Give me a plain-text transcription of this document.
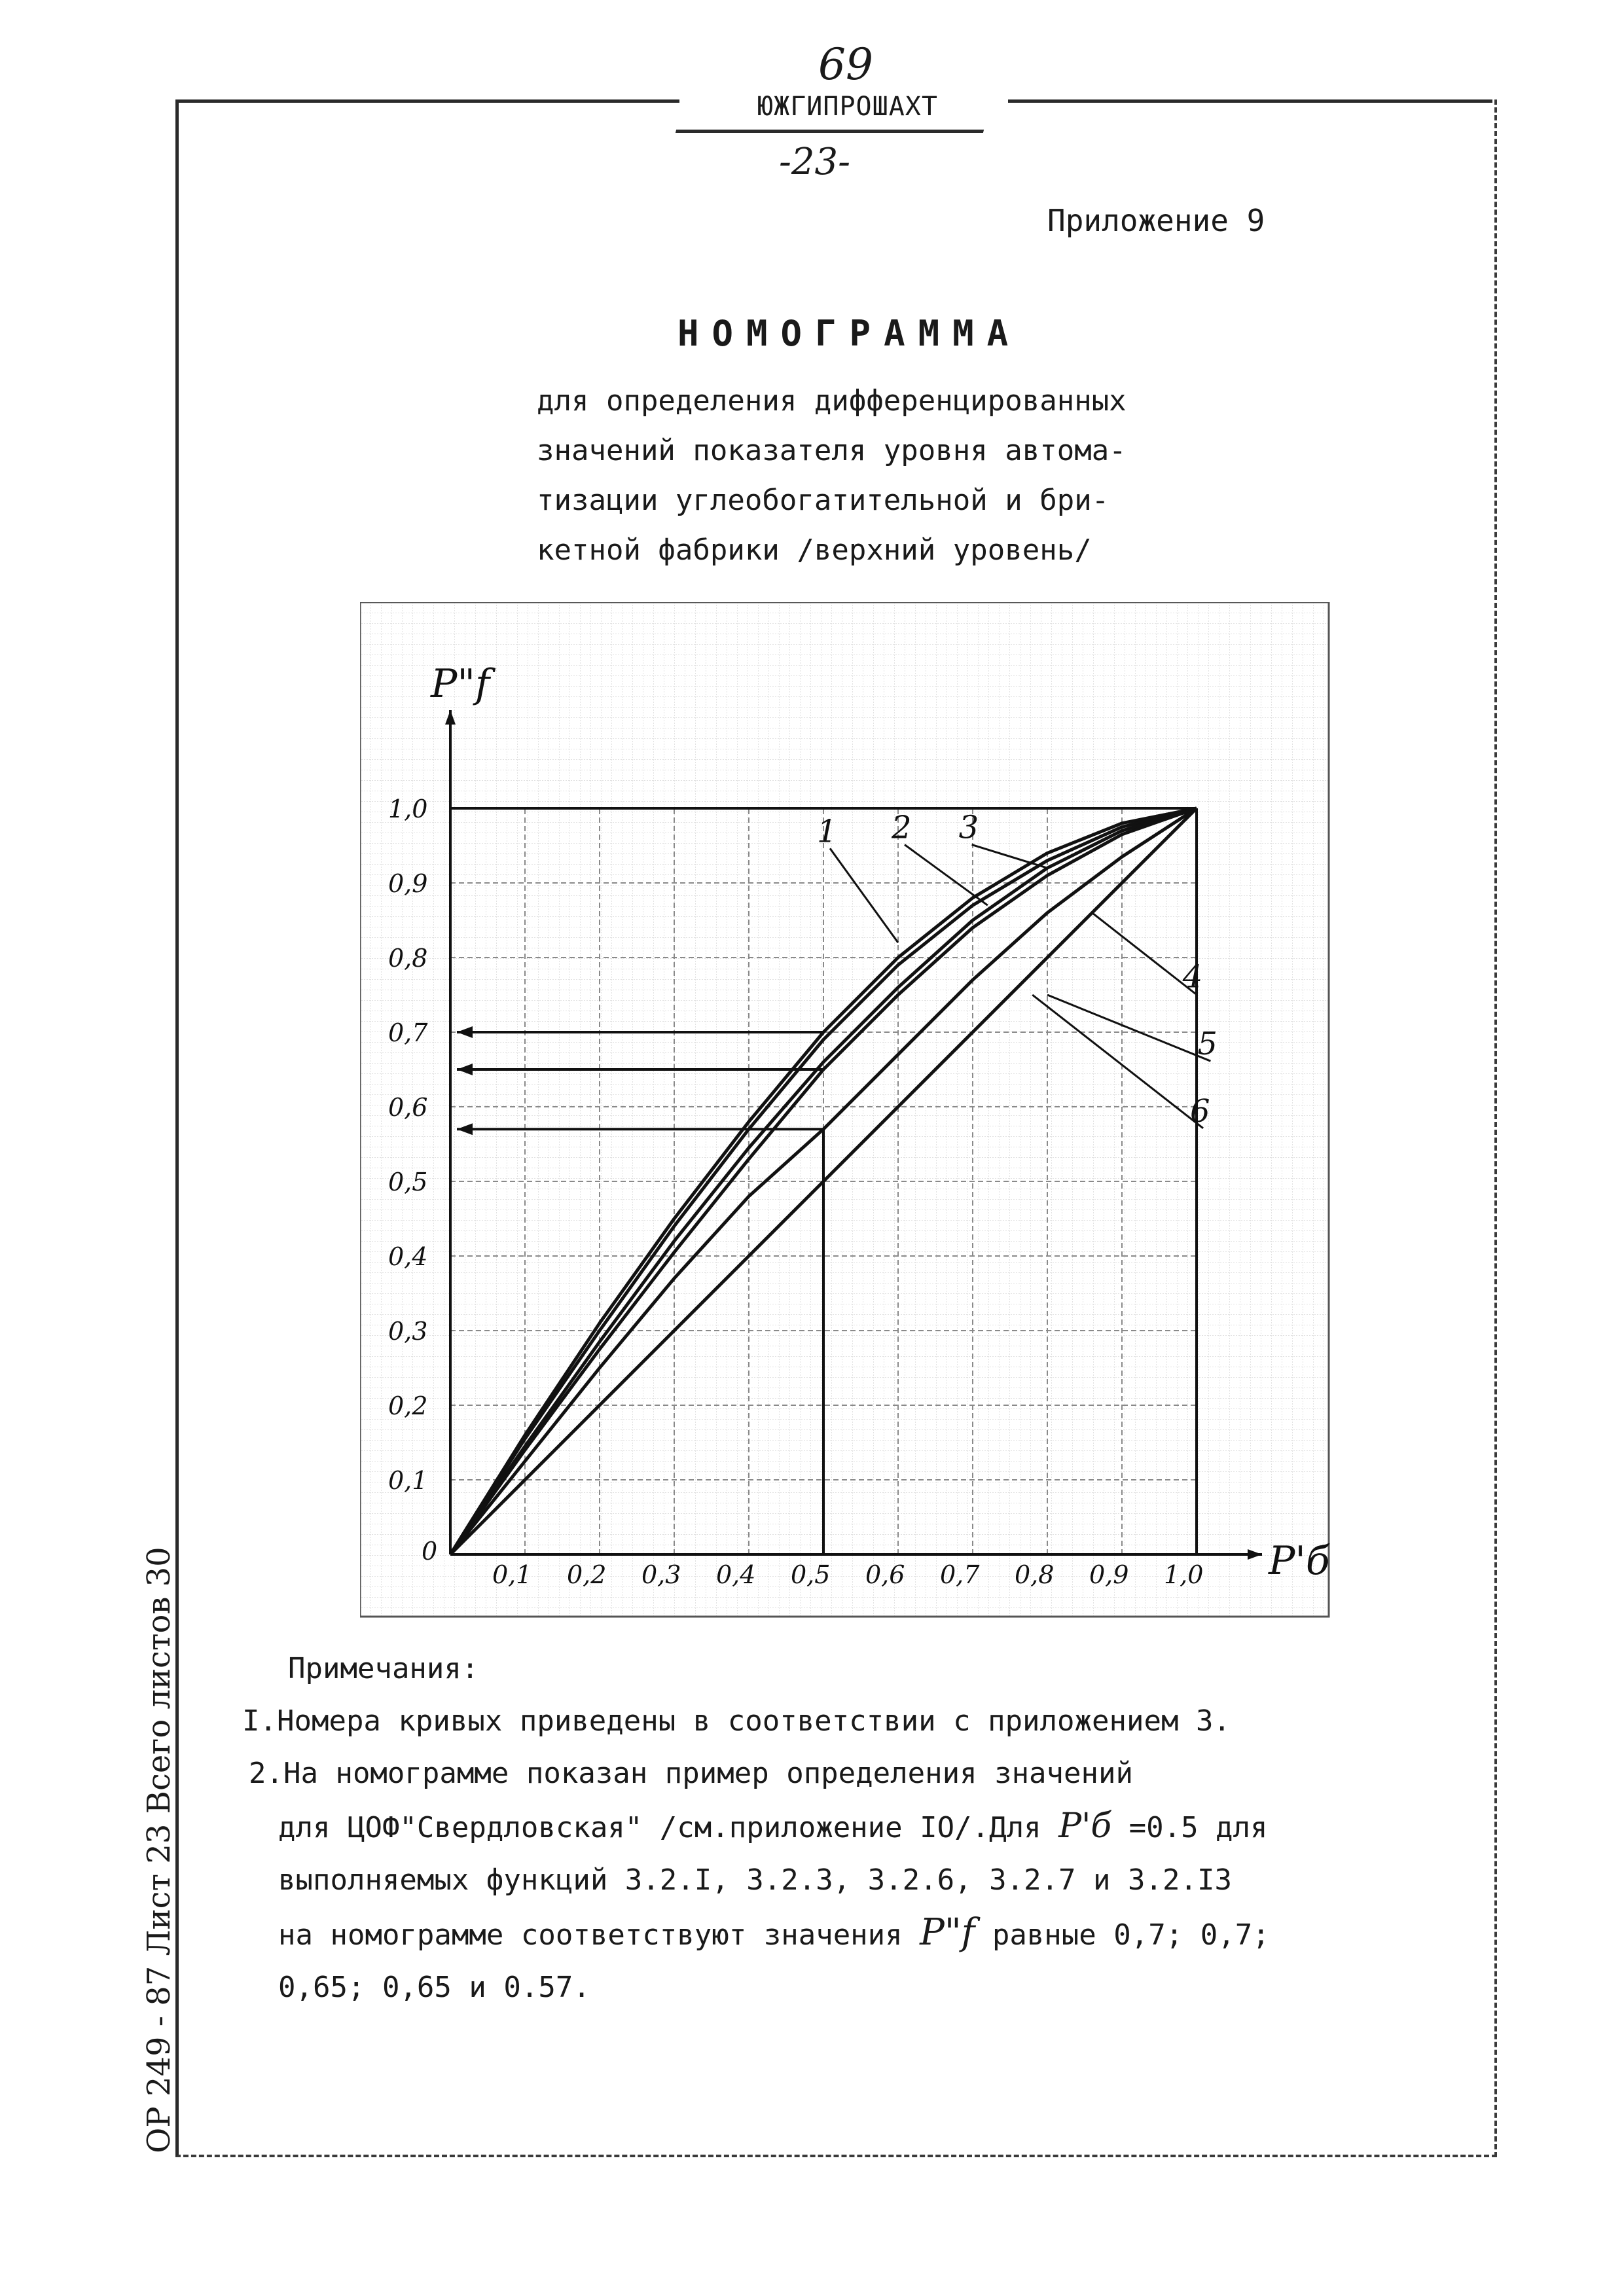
69
ЮЖГИПРОШАХТ
-23-
Приложение 9
НОМОГРАММА
для определения дифференцированных
значений показателя уровня автома-
тизации углеобогатительной и бри-
кетной фабрики /верхний уровень/
1 2 3
4
5
6
0,1 0,2 0,3 0,4 0,5 0,6 0,7 0,8 0,9 1,0
0,1
0,2
0,3
0,4
0,5
0,6
0,7
0,8
0,9
1,0
0
P"f
P'б
Примечания:
I.Номера кривых приведены в соответствии с приложением 3.
2.На номограмме показан пример определения значений
для ЦОФ"Свердловская" /см.приложение IO/.Для P'б =0.5 для
выполняемых функций 3.2.I, 3.2.3, 3.2.6, 3.2.7 и 3.2.I3
на номограмме соответствуют значения P"f равные 0,7; 0,7;
0,65; 0,65 и 0.57.
ОР 249 - 87 Лист 23 Всего листов 30
